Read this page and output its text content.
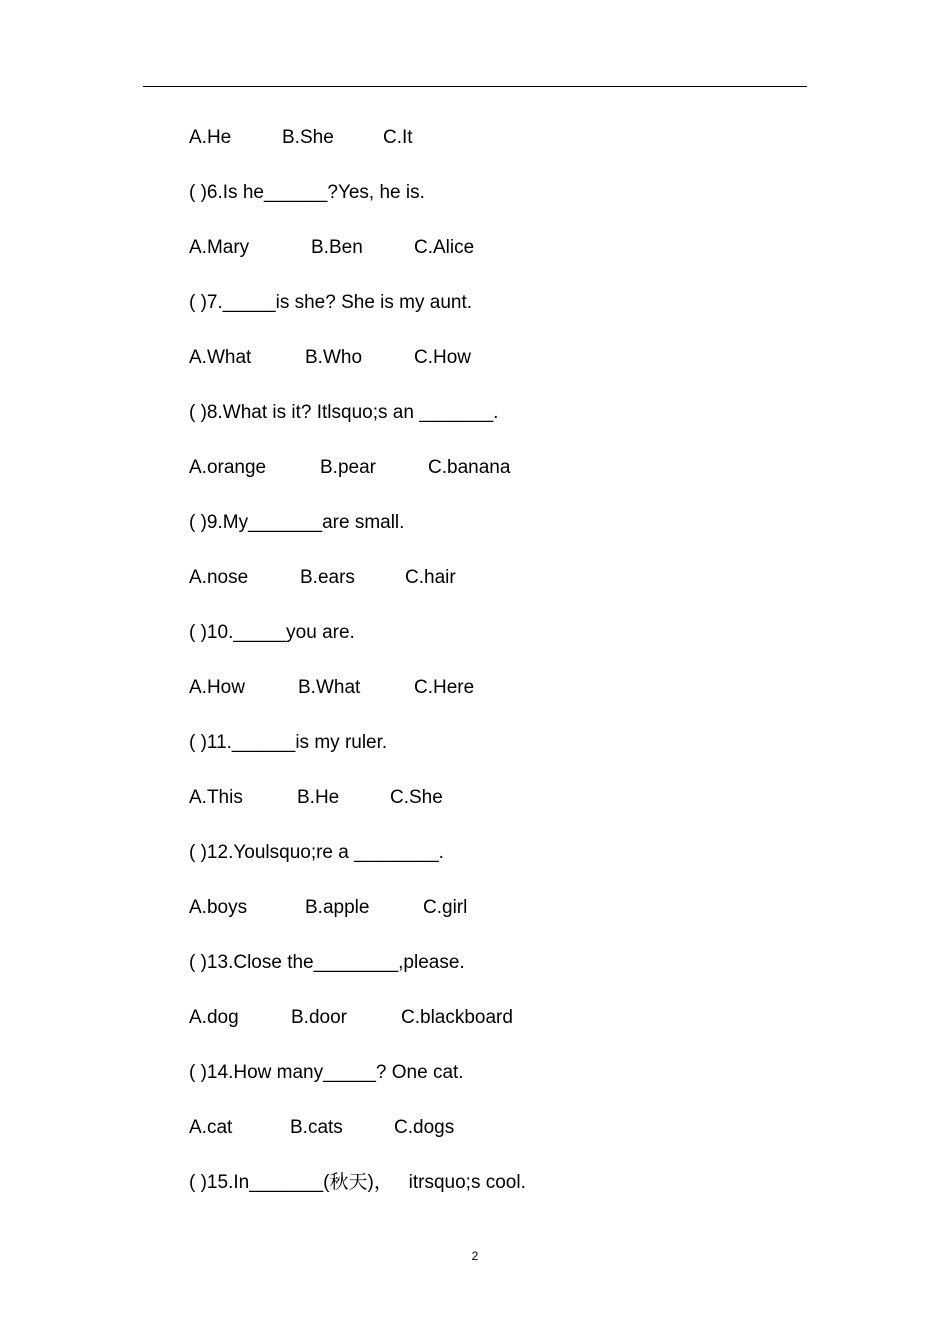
A.He	B.She	C.It
( )6.Is he______?Yes, he is.
A.Mary	B.Ben	C.Alice
( )7._____is she? She is my aunt.
A.What	B.Who	C.How
( )8.What is it? Itlsquo;s an _______.
A.orange	B.pear	C.banana
( )9.My_______are small.
A.nose	B.ears	C.hair
( )10._____you are.
A.How	B.What	C.Here
( )11.______is my ruler.
A.This	B.He	C.She
( )12.Youlsquo;re a ________.
A.boys	B.apple	C.girl
( )13.Close the________,please.
A.dog	B.door	C.blackboard
( )14.How many_____? One cat.
A.cat	B.cats	C.dogs
( )15.In_______(秋天)，   itrsquo;s cool.
2
